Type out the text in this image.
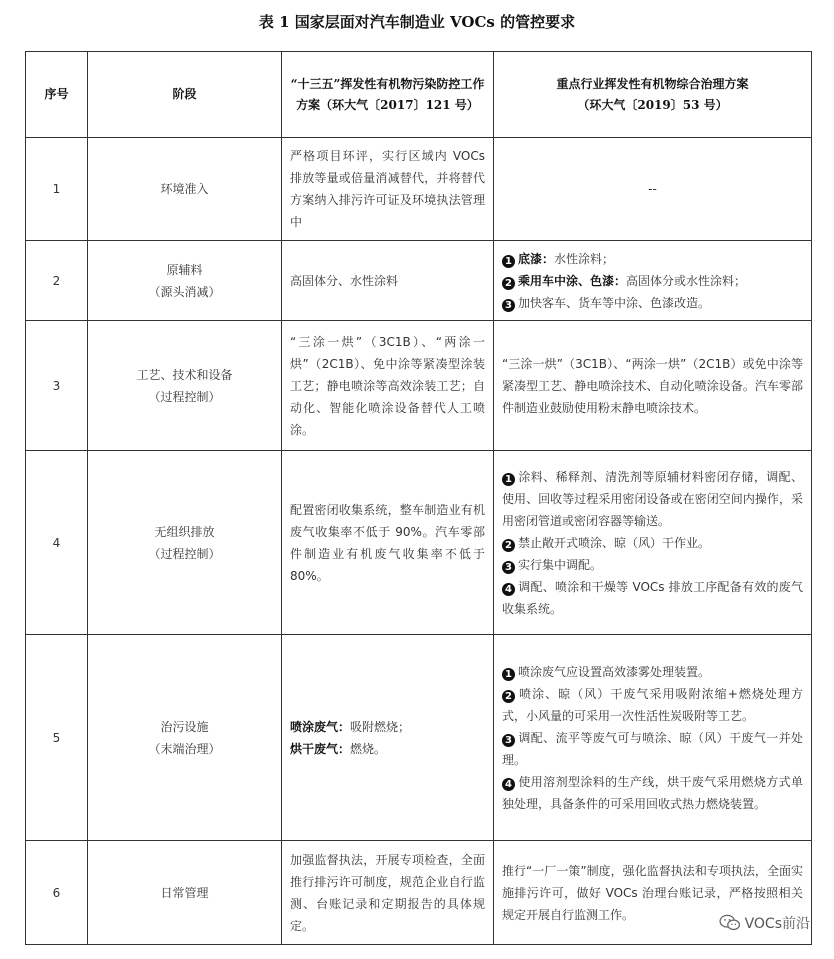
表 1 国家层面对汽车制造业 VOCs 的管控要求
序号	阶段	“十三五”挥发性有机物污染防控工作方案（环大气〔2017〕121 号）	重点行业挥发性有机物综合治理方案
（环大气〔2019〕53 号）

1	环境准入	严格项目环评，实行区域内 VOCs 排放等量或倍量消减替代，并将替代方案纳入排污许可证及环境执法管理中	--
2	原辅料
（源头消减）	高固体分、水性涂料	1 底漆：水性涂料；
2 乘用车中涂、色漆：高固体分或水性涂料；
3 加快客车、货车等中涂、色漆改造。

3	工艺、技术和设备
（过程控制）	“三涂一烘”（3C1B）、“两涂一烘”（2C1B）、免中涂等紧凑型涂装工艺；静电喷涂等高效涂装工艺；自动化、智能化喷涂设备替代人工喷涂。	“三涂一烘”（3C1B）、“两涂一烘”（2C1B）或免中涂等紧凑型工艺、静电喷涂技术、自动化喷涂设备。汽车零部件制造业鼓励使用粉末静电喷涂技术。
4	无组织排放
（过程控制）	配置密闭收集系统，整车制造业有机废气收集率不低于 90%。汽车零部件制造业有机废气收集率不低于 80%。	1 涂料、稀释剂、清洗剂等原辅材料密闭存储，调配、使用、回收等过程采用密闭设备或在密闭空间内操作，采用密闭管道或密闭容器等输送。
2 禁止敞开式喷涂、晾（风）干作业。
3 实行集中调配。
4 调配、喷涂和干燥等 VOCs 排放工序配备有效的废气收集系统。

5	治污设施
（末端治理）	喷涂废气：吸附燃烧；
烘干废气：燃烧。	1 喷涂废气应设置高效漆雾处理装置。
2 喷涂、晾（风）干废气采用吸附浓缩+燃烧处理方式，小风量的可采用一次性活性炭吸附等工艺。
3 调配、流平等废气可与喷涂、晾（风）干废气一并处理。
4 使用溶剂型涂料的生产线，烘干废气采用燃烧方式单独处理，具备条件的可采用回收式热力燃烧装置。

6	日常管理	加强监督执法，开展专项检查，全面推行排污许可制度，规范企业自行监测、台账记录和定期报告的具体规定。	推行“一厂一策”制度，强化监督执法和专项执法，全面实施排污许可，做好 VOCs 治理台账记录，严格按照相关规定开展自行监测工作。
VOCs前沿
